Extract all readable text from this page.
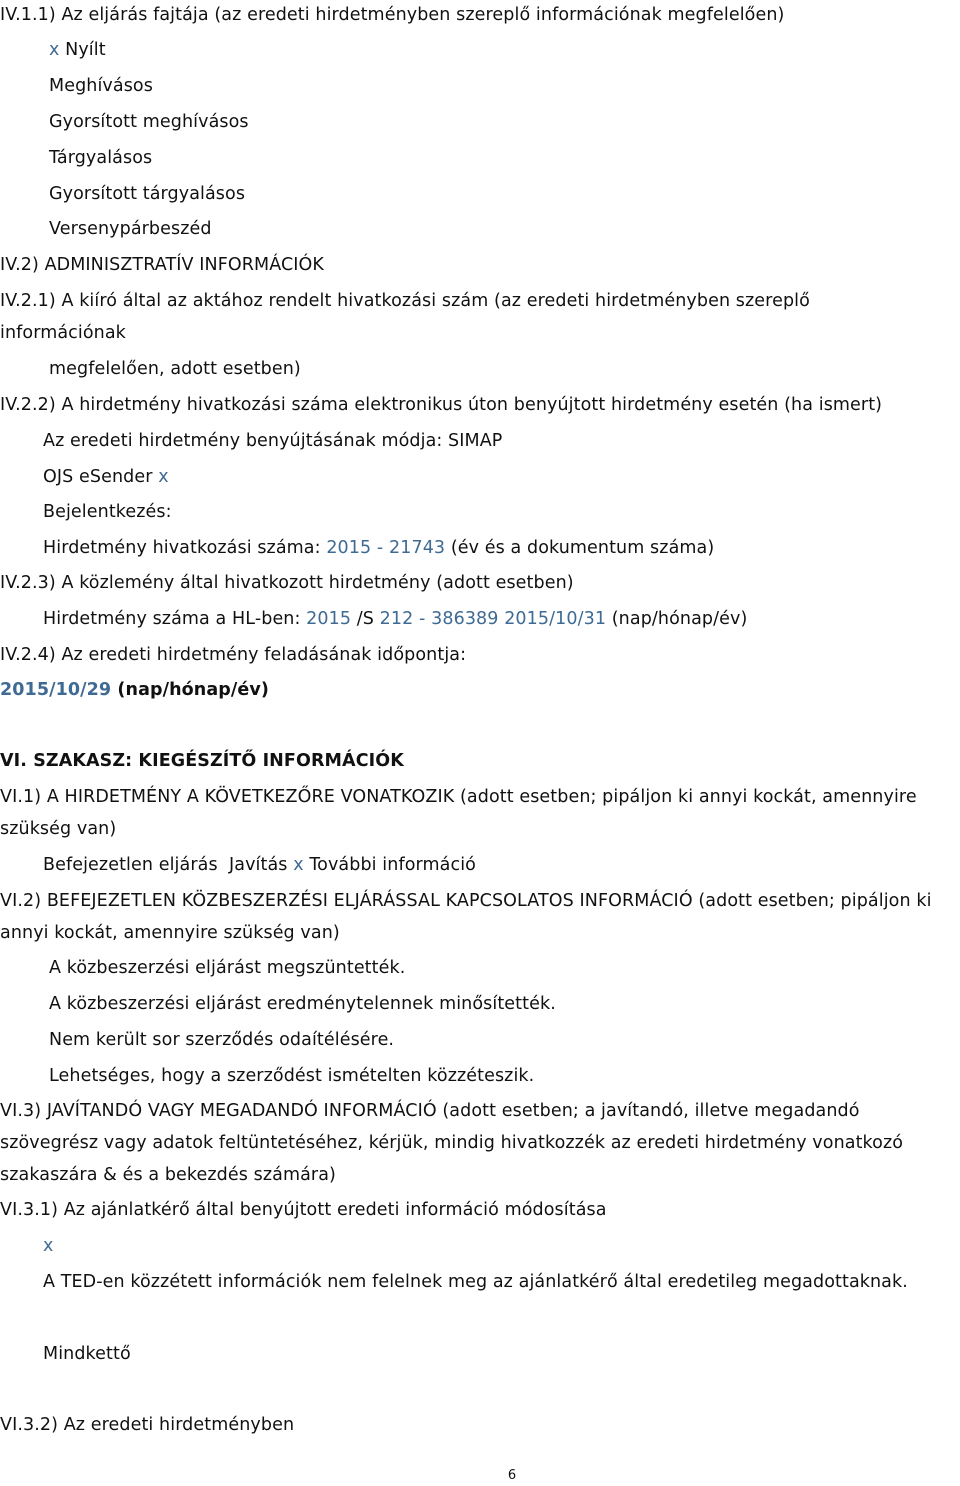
IV.1.1) Az eljárás fajtája (az eredeti hirdetményben szereplő információnak megfelelően)
x Nyílt
Meghívásos
Gyorsított meghívásos
Tárgyalásos
Gyorsított tárgyalásos
Versenypárbeszéd
IV.2) ADMINISZTRATÍV INFORMÁCIÓK
IV.2.1) A kiíró által az aktához rendelt hivatkozási szám (az eredeti hirdetményben szereplő
információnak
megfelelően, adott esetben)
IV.2.2) A hirdetmény hivatkozási száma elektronikus úton benyújtott hirdetmény esetén (ha ismert)
Az eredeti hirdetmény benyújtásának módja: SIMAP
OJS eSender x
Bejelentkezés:
Hirdetmény hivatkozási száma: 2015 - 21743 (év és a dokumentum száma)
IV.2.3) A közlemény által hivatkozott hirdetmény (adott esetben)
Hirdetmény száma a HL-ben: 2015 /S 212 - 386389 2015/10/31 (nap/hónap/év)
IV.2.4) Az eredeti hirdetmény feladásának időpontja:
2015/10/29 (nap/hónap/év)
VI. SZAKASZ: KIEGÉSZÍTŐ INFORMÁCIÓK
VI.1) A HIRDETMÉNY A KÖVETKEZŐRE VONATKOZIK (adott esetben; pipáljon ki annyi kockát, amennyire
szükség van)
Befejezetlen eljárás Javítás x További információ
VI.2) BEFEJEZETLEN KÖZBESZERZÉSI ELJÁRÁSSAL KAPCSOLATOS INFORMÁCIÓ (adott esetben; pipáljon ki
annyi kockát, amennyire szükség van)
A közbeszerzési eljárást megszüntették.
A közbeszerzési eljárást eredménytelennek minősítették.
Nem került sor szerződés odaítélésére.
Lehetséges, hogy a szerződést ismételten közzéteszik.
VI.3) JAVÍTANDÓ VAGY MEGADANDÓ INFORMÁCIÓ (adott esetben; a javítandó, illetve megadandó
szövegrész vagy adatok feltüntetéséhez, kérjük, mindig hivatkozzék az eredeti hirdetmény vonatkozó
szakaszára & és a bekezdés számára)
VI.3.1) Az ajánlatkérő által benyújtott eredeti információ módosítása
x
A TED-en közzétett információk nem felelnek meg az ajánlatkérő által eredetileg megadottaknak.
Mindkettő
VI.3.2) Az eredeti hirdetményben
6
